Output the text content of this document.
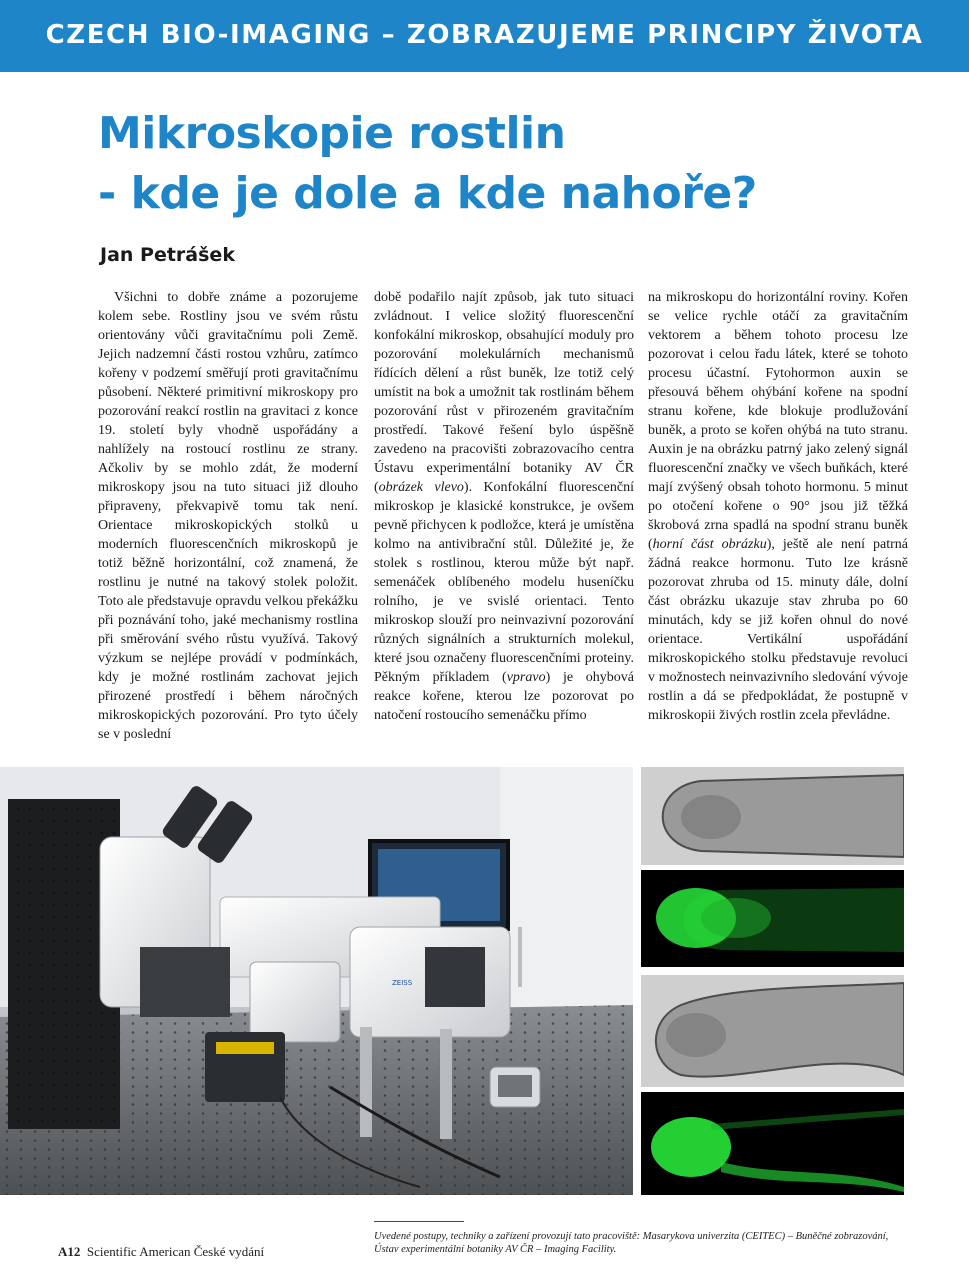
CZECH BIO-IMAGING – ZOBRAZUJEME PRINCIPY ŽIVOTA
Mikroskopie rostlin
- kde je dole a kde nahoře?
Jan Petrášek

Všichni to dobře známe a pozorujeme kolem sebe. Rostliny jsou ve svém růstu orientovány vůči gravitačnímu poli Země. Jejich nadzemní části rostou vzhůru, zatímco kořeny v podzemí směřují proti gravitačnímu působení. Některé primitivní mikroskopy pro pozorování reakcí rostlin na gravitaci z konce 19. století byly vhodně uspořádány a nahlížely na rostoucí rostlinu ze strany. Ačkoliv by se mohlo zdát, že moderní mikroskopy jsou na tuto situaci již dlouho připraveny, překvapivě tomu tak není. Orientace mikroskopických stolků u moderních fluorescenčních mikroskopů je totiž běžně horizontální, což znamená, že rostlinu je nutné na takový stolek položit. Toto ale představuje opravdu velkou překážku při poznávání toho, jaké mechanismy rostlina při směrování svého růstu využívá. Takový výzkum se nejlépe provádí v podmínkách, kdy je možné rostlinám zachovat jejich přirozené prostředí i během náročných mikroskopických pozorování. Pro tyto účely se v poslední

době podařilo najít způsob, jak tuto situaci zvládnout. I velice složitý fluorescenční konfokální mikroskop, obsahující moduly pro pozorování molekulárních mechanismů řídících dělení a růst buněk, lze totiž celý umístit na bok a umožnit tak rostlinám během pozorování růst v přirozeném gravitačním prostředí. Takové řešení bylo úspěšně zavedeno na pracovišti zobrazovacího centra Ústavu experimentální botaniky AV ČR (obrázek vlevo). Konfokální fluorescenční mikroskop je klasické konstrukce, je ovšem pevně přichycen k podložce, která je umístěna kolmo na antivibrační stůl. Důležité je, že stolek s rostlinou, kterou může být např. semenáček oblíbeného modelu huseníčku rolního, je ve svislé orientaci. Tento mikroskop slouží pro neinvazivní pozorování různých signálních a strukturních molekul, které jsou označeny fluorescenčními proteiny. Pěkným příkladem (vpravo) je ohybová reakce kořene, kterou lze pozorovat po natočení rostoucího semenáčku přímo

na mikroskopu do horizontální roviny. Kořen se velice rychle otáčí za gravitačním vektorem a během tohoto procesu lze pozorovat i celou řadu látek, které se tohoto procesu účastní. Fytohormon auxin se přesouvá během ohýbání kořene na spodní stranu kořene, kde blokuje prodlužování buněk, a proto se kořen ohýbá na tuto stranu. Auxin je na obrázku patrný jako zelený signál fluorescenční značky ve všech buňkách, které mají zvýšený obsah tohoto hormonu. 5 minut po otočení kořene o 90° jsou již těžká škrobová zrna spadlá na spodní stranu buněk (horní část obrázku), ještě ale není patrná žádná reakce hormonu. Tuto lze krásně pozorovat zhruba od 15. minuty dále, dolní část obrázku ukazuje stav zhruba po 60 minutách, kdy se již kořen ohnul do nové orientace. Vertikální uspořádání mikroskopického stolku představuje revoluci v možnostech neinvazivního sledování vývoje rostlin a dá se předpokládat, že postupně v mikroskopii živých rostlin zcela převládne.

ZEISS
A12 Scientific American České vydání
Uvedené postupy, techniky a zařízení provozují tato pracoviště: Masarykova univerzita (CEITEC) – Buněčné zobrazování, Ústav experimentální botaniky AV ČR – Imaging Facility.
